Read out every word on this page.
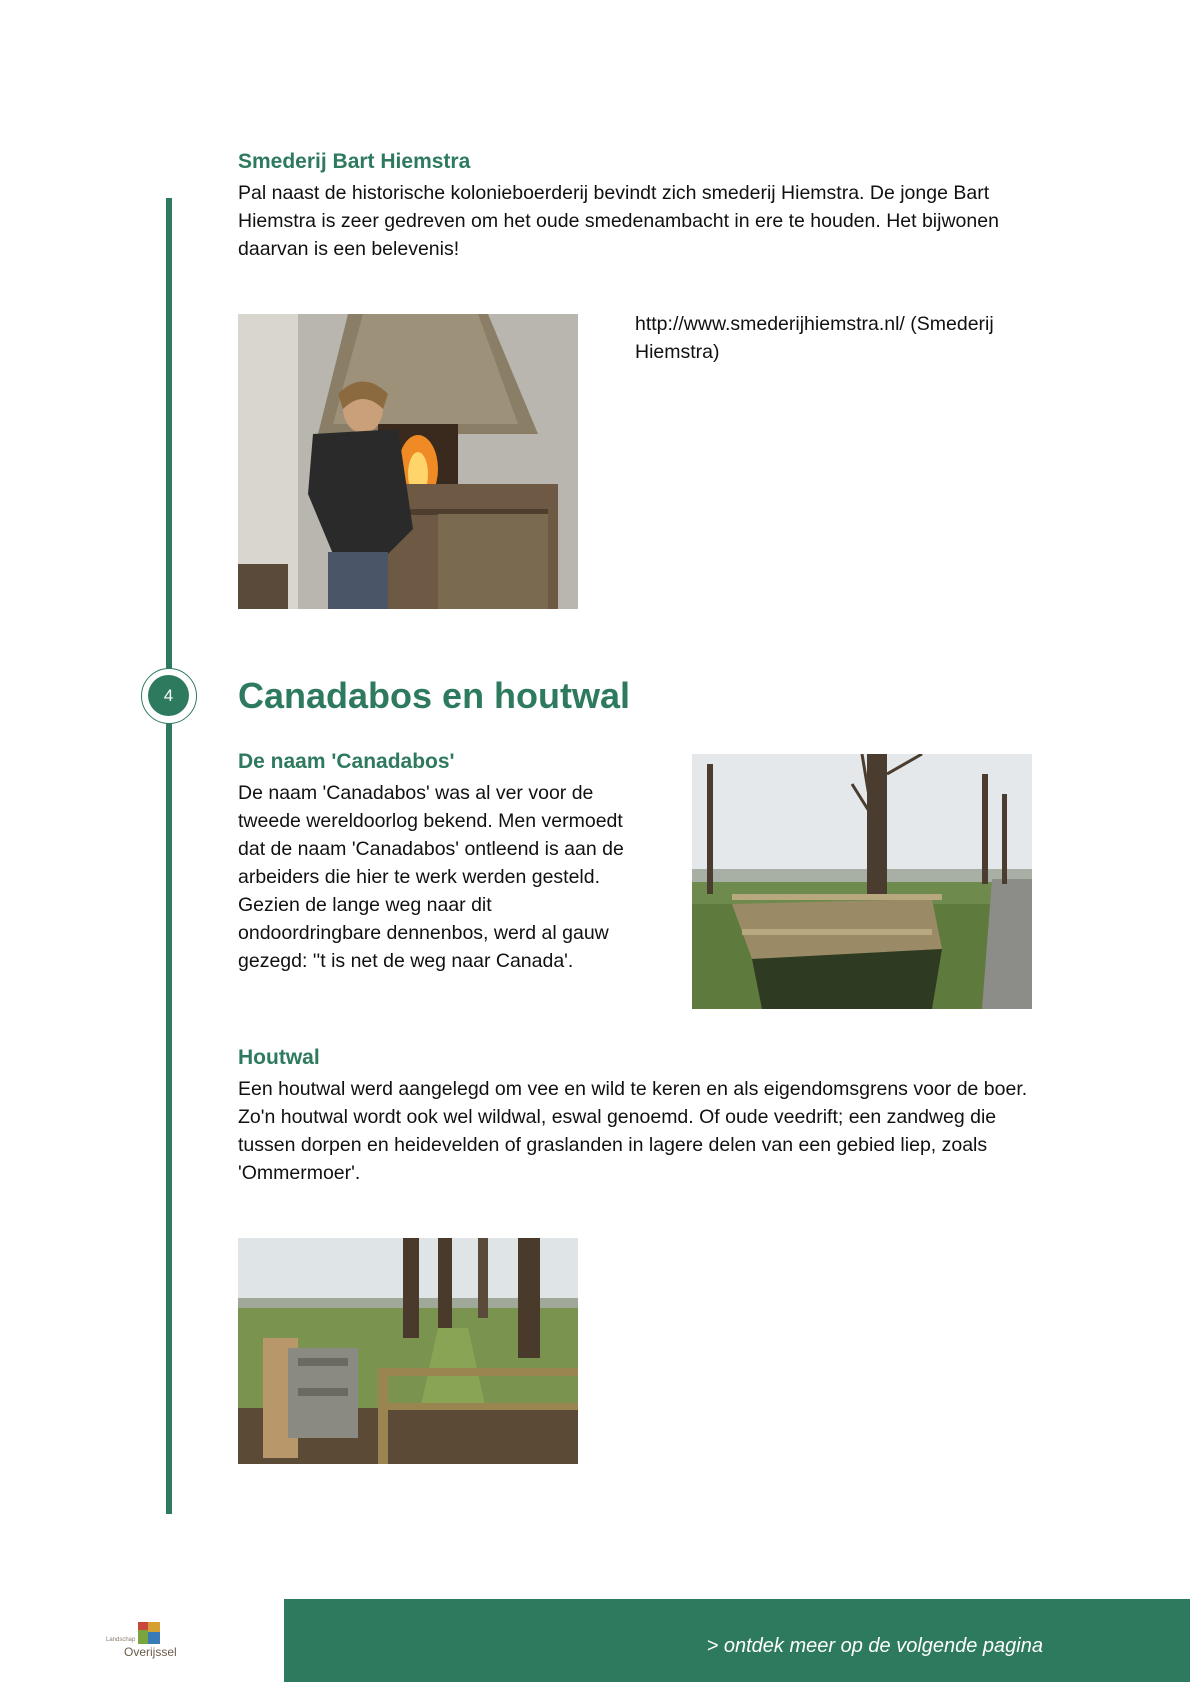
Smederij Bart Hiemstra

Pal naast de historische kolonieboerderij bevindt zich smederij Hiemstra. De jonge Bart Hiemstra is zeer gedreven om het oude smedenambacht in ere te houden. Het bijwonen daarvan is een belevenis!

http://www.smederijhiemstra.nl/ (Smederij Hiemstra)

4	Canadabos en houtwal
De naam 'Canadabos'

De naam 'Canadabos' was al ver voor de tweede wereldoorlog bekend. Men vermoedt dat de naam 'Canadabos' ontleend is aan de arbeiders die hier te werk werden gesteld. Gezien de lange weg naar dit ondoordringbare dennenbos, werd al gauw gezegd: ''t is net de weg naar Canada'.

Houtwal

Een houtwal werd aangelegd om vee en wild te keren en als eigendomsgrens voor de boer. Zo'n houtwal wordt ook wel wildwal, eswal genoemd. Of oude veedrift; een zandweg die tussen dorpen en heidevelden of graslanden in lagere delen van een gebied liep, zoals 'Ommermoer'.

Landschap
Overijssel	> ontdek meer op de volgende pagina
